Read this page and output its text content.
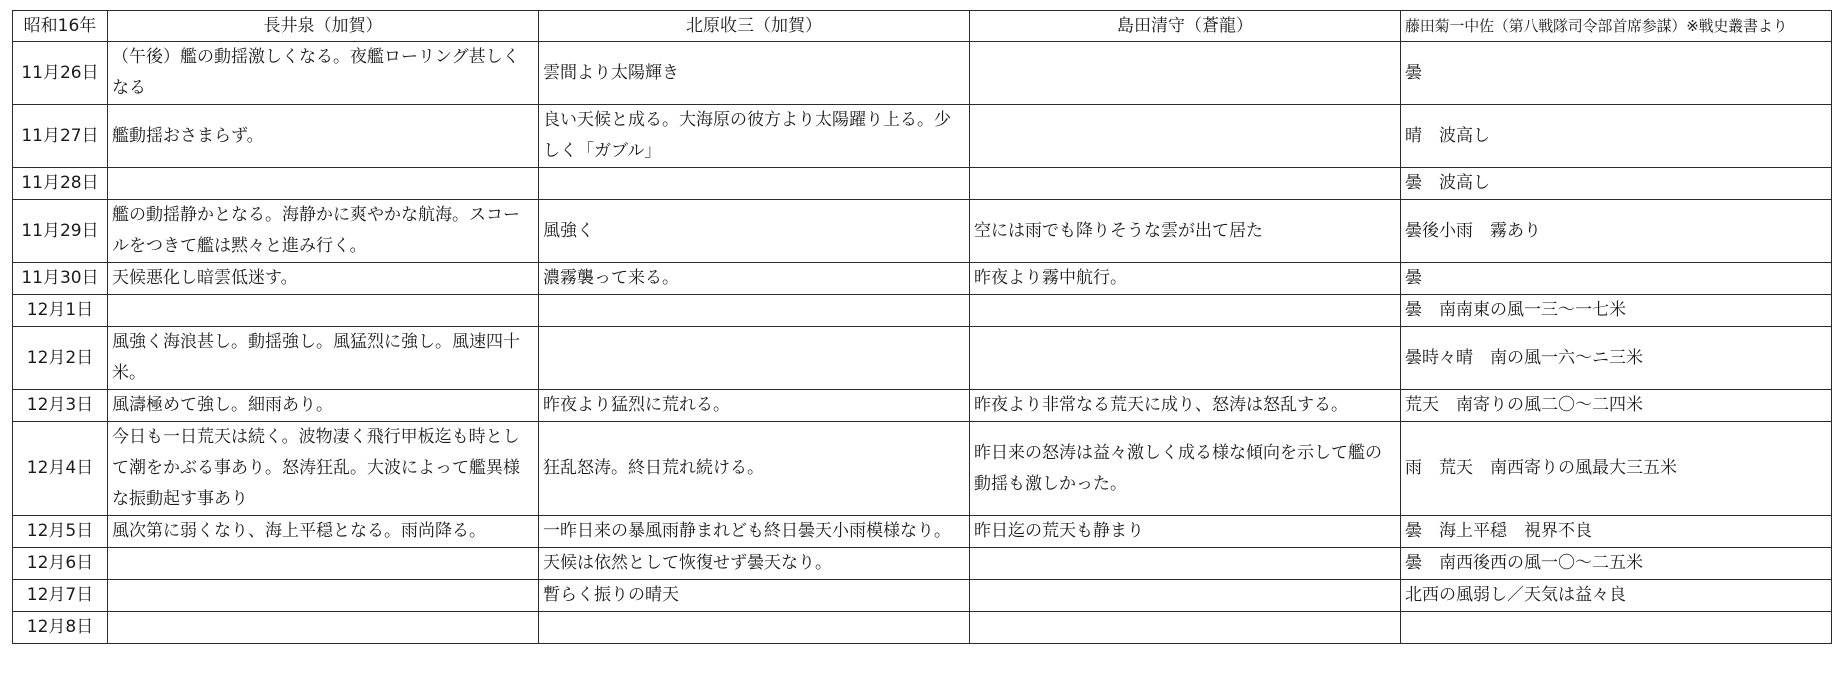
昭和16年	長井泉（加賀）	北原收三（加賀）	島田清守（蒼龍）	藤田菊一中佐（第八戦隊司令部首席参謀）※戦史叢書より
11月26日	（午後）艦の動揺激しくなる。夜艦ローリング甚しくなる	雲間より太陽輝き		曇
11月27日	艦動揺おさまらず。	良い天候と成る。大海原の彼方より太陽躍り上る。少しく「ガブル」		晴　波高し
11月28日				曇　波高し
11月29日	艦の動揺静かとなる。海静かに爽やかな航海。スコールをつきて艦は黙々と進み行く。	風強く	空には雨でも降りそうな雲が出て居た	曇後小雨　霧あり
11月30日	天候悪化し暗雲低迷す。	濃霧襲って来る。	昨夜より霧中航行。	曇
12月1日				曇　南南東の風一三〜一七米
12月2日	風強く海浪甚し。動揺強し。風猛烈に強し。風速四十米。			曇時々晴　南の風一六〜ニ三米
12月3日	風濤極めて強し。細雨あり。	昨夜より猛烈に荒れる。	昨夜より非常なる荒天に成り、怒涛は怒乱する。	荒天　南寄りの風二〇〜二四米
12月4日	今日も一日荒天は続く。波物凄く飛行甲板迄も時として潮をかぶる事あり。怒涛狂乱。大波によって艦異様な振動起す事あり	狂乱怒涛。終日荒れ続ける。	昨日来の怒涛は益々激しく成る様な傾向を示して艦の動揺も激しかった。	雨　荒天　南西寄りの風最大三五米
12月5日	風次第に弱くなり、海上平穏となる。雨尚降る。	一昨日来の暴風雨静まれども終日曇天小雨模様なり。	昨日迄の荒天も静まり	曇　海上平穏　視界不良
12月6日		天候は依然として恢復せず曇天なり。		曇　南西後西の風一〇〜二五米
12月7日		暫らく振りの晴天		北西の風弱し／天気は益々良
12月8日				
